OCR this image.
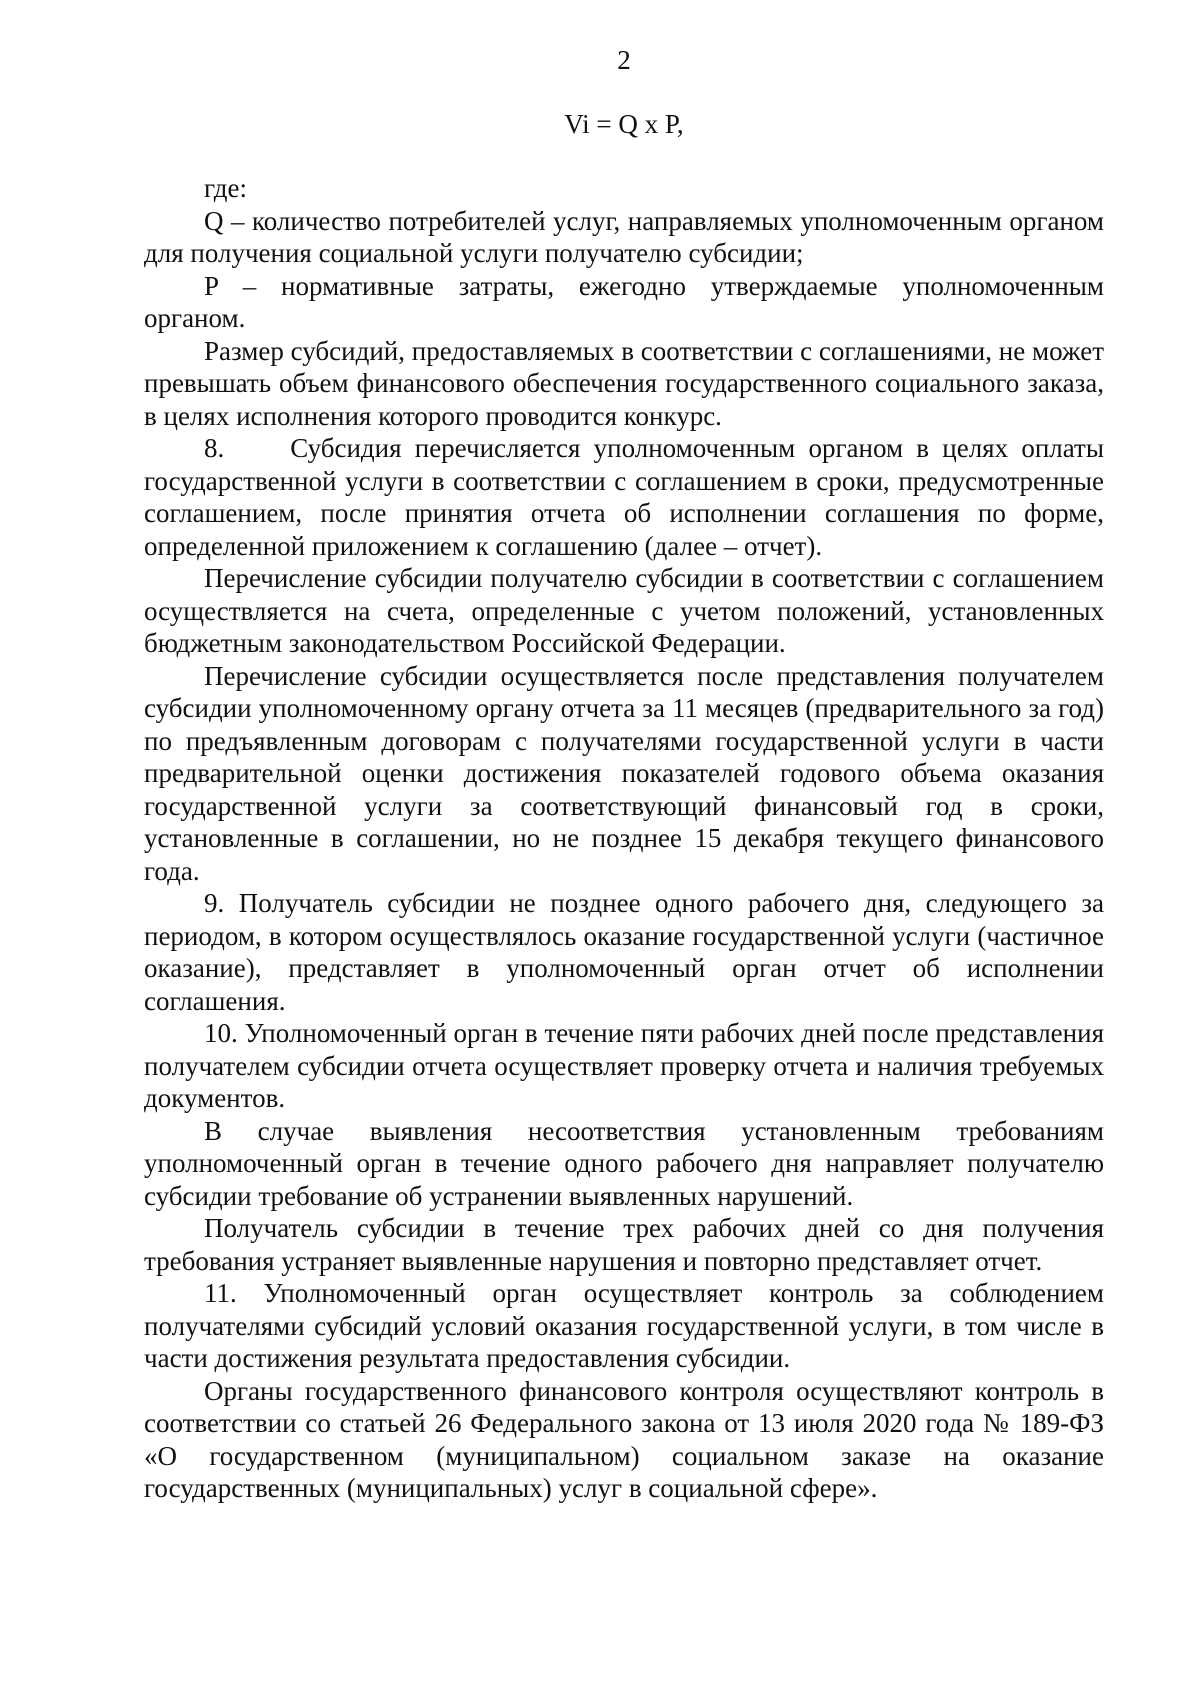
2
Vi = Q x P,

где:

Q – количество потребителей услуг, направляемых уполномоченным органом для получения социальной услуги получателю субсидии;

P – нормативные затраты, ежегодно утверждаемые уполномоченным органом.

Размер субсидий, предоставляемых в соответствии с соглашениями, не может превышать объем финансового обеспечения государственного социального заказа, в целях исполнения которого проводится конкурс.

8. Субсидия перечисляется уполномоченным органом в целях оплаты государственной услуги в соответствии с соглашением в сроки, предусмотренные соглашением, после принятия отчета об исполнении соглашения по форме, определенной приложением к соглашению (далее – отчет).

Перечисление субсидии получателю субсидии в соответствии с соглашением осуществляется на счета, определенные с учетом положений, установленных бюджетным законодательством Российской Федерации.

Перечисление субсидии осуществляется после представления получателем субсидии уполномоченному органу отчета за 11 месяцев (предварительного за год) по предъявленным договорам с получателями государственной услуги в части предварительной оценки достижения показателей годового объема оказания государственной услуги за соответствующий финансовый год в сроки, установленные в соглашении, но не позднее 15 декабря текущего финансового года.

9. Получатель субсидии не позднее одного рабочего дня, следующего за периодом, в котором осуществлялось оказание государственной услуги (частичное оказание), представляет в уполномоченный орган отчет об исполнении соглашения.

10. Уполномоченный орган в течение пяти рабочих дней после представления получателем субсидии отчета осуществляет проверку отчета и наличия требуемых документов.

В случае выявления несоответствия установленным требованиям уполномоченный орган в течение одного рабочего дня направляет получателю субсидии требование об устранении выявленных нарушений.

Получатель субсидии в течение трех рабочих дней со дня получения требования устраняет выявленные нарушения и повторно представляет отчет.

11. Уполномоченный орган осуществляет контроль за соблюдением получателями субсидий условий оказания государственной услуги, в том числе в части достижения результата предоставления субсидии.

Органы государственного финансового контроля осуществляют контроль в соответствии со статьей 26 Федерального закона от 13 июля 2020 года № 189-ФЗ «О государственном (муниципальном) социальном заказе на оказание государственных (муниципальных) услуг в социальной сфере».
